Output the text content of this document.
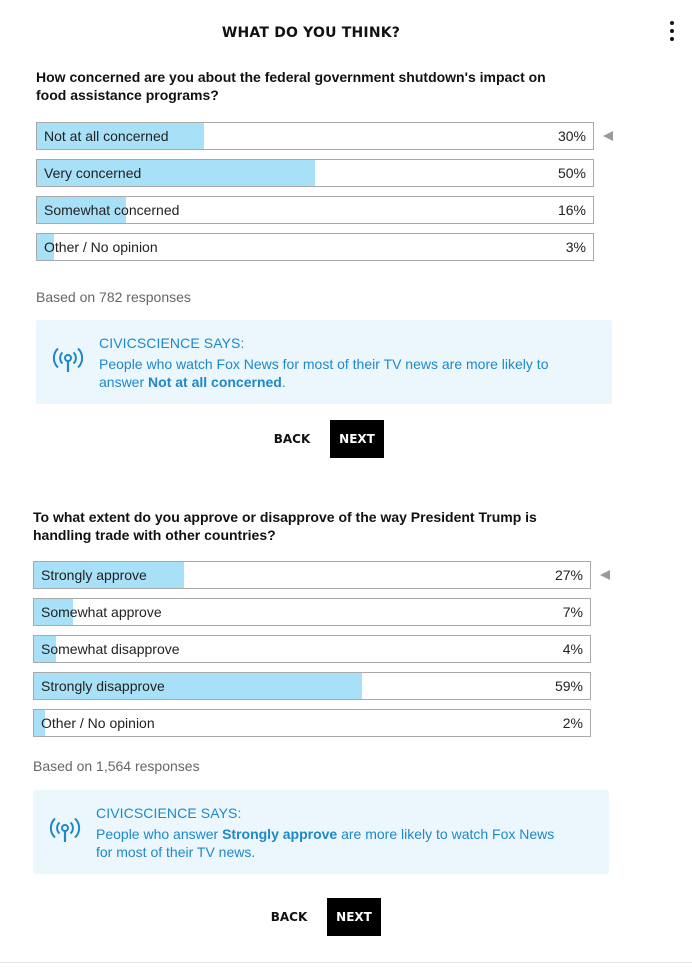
WHAT DO YOU THINK?
How concerned are you about the federal government shutdown's impact on food assistance programs?
Not at all concerned	30%
Very concerned	50%
Somewhat concerned	16%
Other / No opinion	3%
Based on 782 responses
CIVICSCIENCE SAYS:
People who watch Fox News for most of their TV news are more likely to answer Not at all concerned.
BACK	NEXT
To what extent do you approve or disapprove of the way President Trump is handling trade with other countries?
Strongly approve	27%
Somewhat approve	7%
Somewhat disapprove	4%
Strongly disapprove	59%
Other / No opinion	2%
Based on 1,564 responses
CIVICSCIENCE SAYS:
People who answer Strongly approve are more likely to watch Fox News for most of their TV news.
BACK	NEXT
